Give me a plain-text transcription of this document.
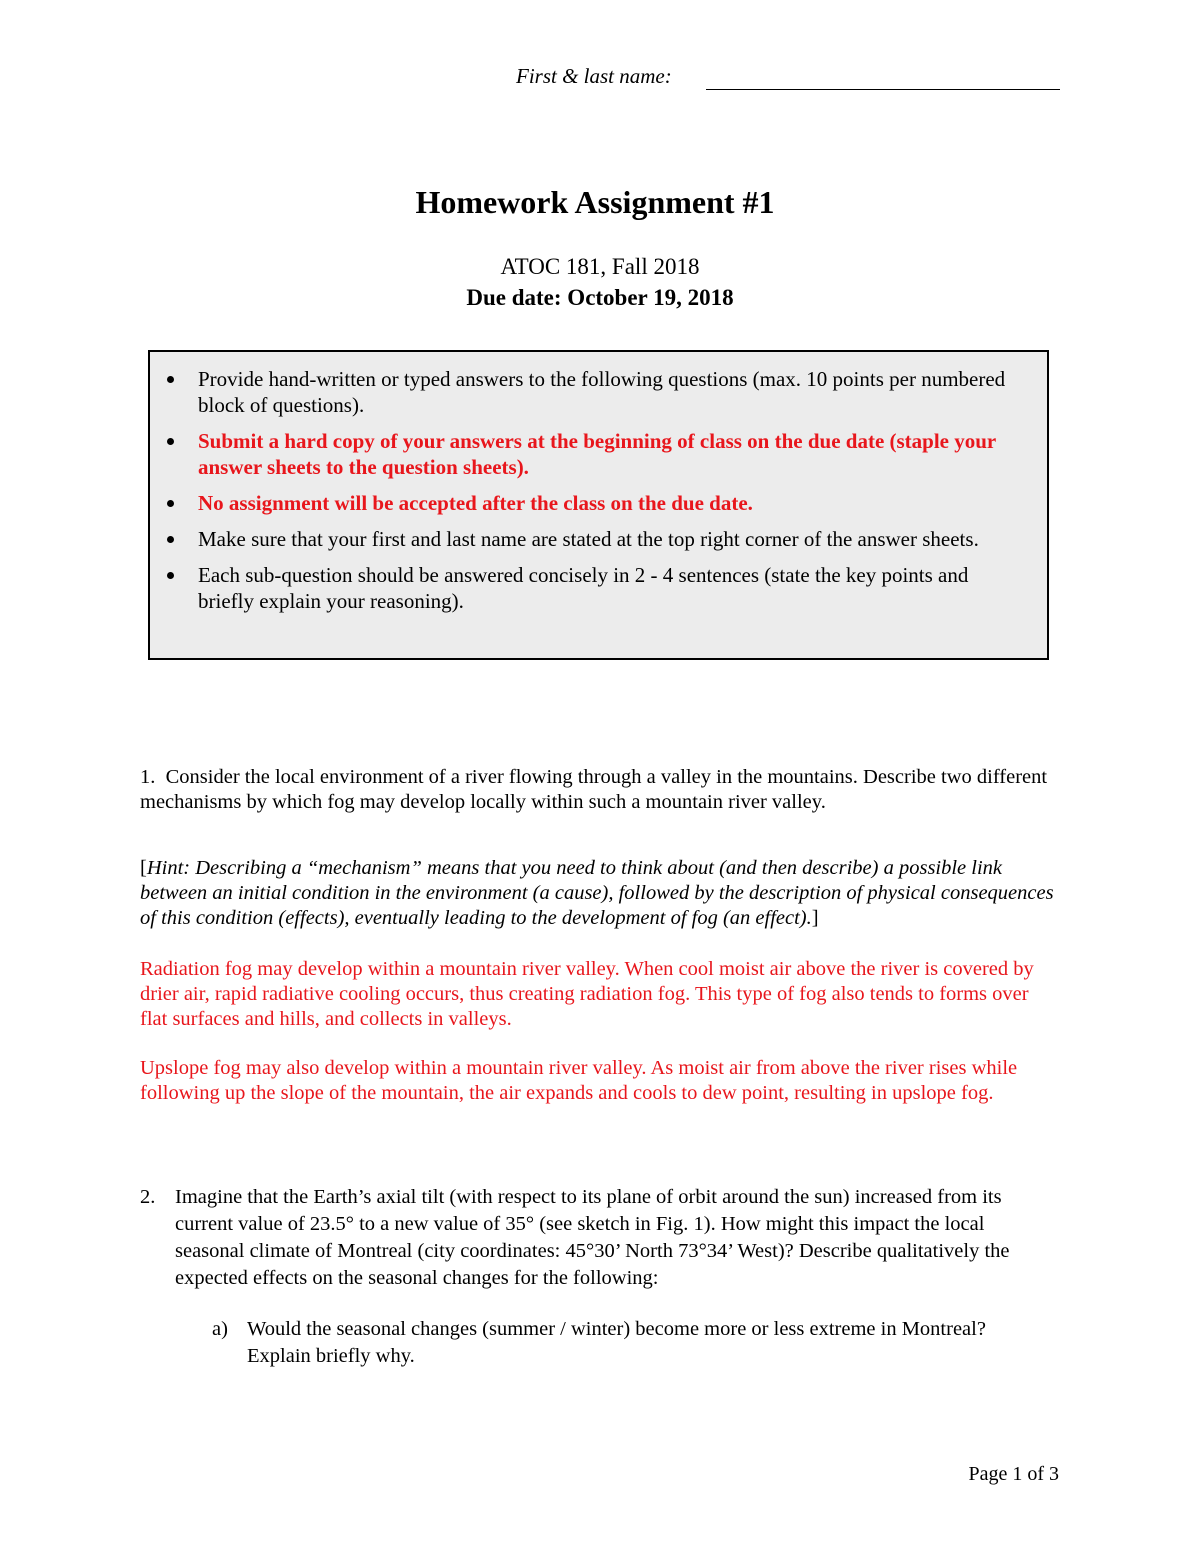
First & last name:
Homework Assignment #1
ATOC 181, Fall 2018
Due date: October 19, 2018
Provide hand-written or typed answers to the following questions (max. 10 points per numbered block of questions).
Submit a hard copy of your answers at the beginning of class on the due date (staple your answer sheets to the question sheets).
No assignment will be accepted after the class on the due date.
Make sure that your first and last name are stated at the top right corner of the answer sheets.
Each sub-question should be answered concisely in 2 - 4 sentences (state the key points and briefly explain your reasoning).
1. Consider the local environment of a river flowing through a valley in the mountains. Describe two different mechanisms by which fog may develop locally within such a mountain river valley.
[Hint: Describing a “mechanism” means that you need to think about (and then describe) a possible link between an initial condition in the environment (a cause), followed by the description of physical consequences of this condition (effects), eventually leading to the development of fog (an effect).]
Radiation fog may develop within a mountain river valley. When cool moist air above the river is covered by drier air, rapid radiative cooling occurs, thus creating radiation fog. This type of fog also tends to forms over flat surfaces and hills, and collects in valleys.
Upslope fog may also develop within a mountain river valley. As moist air from above the river rises while following up the slope of the mountain, the air expands and cools to dew point, resulting in upslope fog.
2. Imagine that the Earth’s axial tilt (with respect to its plane of orbit around the sun) increased from its current value of 23.5° to a new value of 35° (see sketch in Fig. 1). How might this impact the local seasonal climate of Montreal (city coordinates: 45°30’ North 73°34’ West)? Describe qualitatively the expected effects on the seasonal changes for the following:
a) Would the seasonal changes (summer / winter) become more or less extreme in Montreal? Explain briefly why.
Page 1 of 3
